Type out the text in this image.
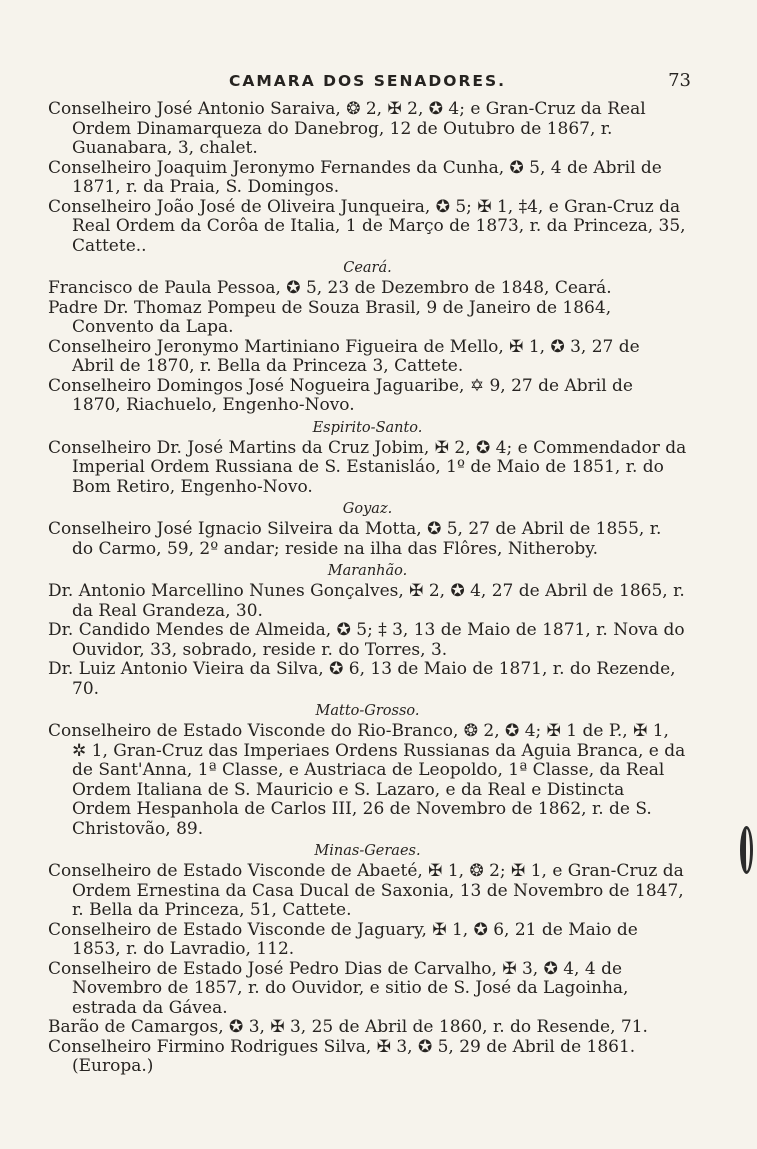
CAMARA DOS SENADORES.	73

Conselheiro José Antonio Saraiva, ❂ 2, ✠ 2, ✪ 4; e Gran-Cruz da Real Ordem Dinamarqueza do Danebrog, 12 de Outubro de 1867, r. Guanabara, 3, chalet.

Conselheiro Joaquim Jeronymo Fernandes da Cunha, ✪ 5, 4 de Abril de 1871, r. da Praia, S. Domingos.

Conselheiro João José de Oliveira Junqueira, ✪ 5; ✠ 1, ‡4, e Gran-Cruz da Real Ordem da Corôa de Italia, 1 de Março de 1873, r. da Princeza, 35, Cattete..

Ceará.

Francisco de Paula Pessoa, ✪ 5, 23 de Dezembro de 1848, Ceará.

Padre Dr. Thomaz Pompeu de Souza Brasil, 9 de Janeiro de 1864, Convento da Lapa.

Conselheiro Jeronymo Martiniano Figueira de Mello, ✠ 1, ✪ 3, 27 de Abril de 1870, r. Bella da Princeza 3, Cattete.

Conselheiro Domingos José Nogueira Jaguaribe, ✡ 9, 27 de Abril de 1870, Riachuelo, Engenho-Novo.

Espirito-Santo.

Conselheiro Dr. José Martins da Cruz Jobim, ✠ 2, ✪ 4; e Commendador da Imperial Ordem Russiana de S. Estanisláo, 1º de Maio de 1851, r. do Bom Retiro, Engenho-Novo.

Goyaz.

Conselheiro José Ignacio Silveira da Motta, ✪ 5, 27 de Abril de 1855, r. do Carmo, 59, 2º andar; reside na ilha das Flôres, Nitheroby.

Maranhão.

Dr. Antonio Marcellino Nunes Gonçalves, ✠ 2, ✪ 4, 27 de Abril de 1865, r. da Real Grandeza, 30.

Dr. Candido Mendes de Almeida, ✪ 5; ‡ 3, 13 de Maio de 1871, r. Nova do Ouvidor, 33, sobrado, reside r. do Torres, 3.

Dr. Luiz Antonio Vieira da Silva, ✪ 6, 13 de Maio de 1871, r. do Rezende, 70.

Matto-Grosso.

Conselheiro de Estado Visconde do Rio-Branco, ❂ 2, ✪ 4; ✠ 1 de P., ✠ 1, ✲ 1, Gran-Cruz das Imperiaes Ordens Russianas da Aguia Branca, e da de Sant'Anna, 1ª Classe, e Austriaca de Leopoldo, 1ª Classe, da Real Ordem Italiana de S. Mauricio e S. Lazaro, e da Real e Distincta Ordem Hespanhola de Carlos III, 26 de Novembro de 1862, r. de S. Christovão, 89.

Minas-Geraes.

Conselheiro de Estado Visconde de Abaeté, ✠ 1, ❂ 2; ✠ 1, e Gran-Cruz da Ordem Ernestina da Casa Ducal de Saxonia, 13 de Novembro de 1847, r. Bella da Princeza, 51, Cattete.

Conselheiro de Estado Visconde de Jaguary, ✠ 1, ✪ 6, 21 de Maio de 1853, r. do Lavradio, 112.

Conselheiro de Estado José Pedro Dias de Carvalho, ✠ 3, ✪ 4, 4 de Novembro de 1857, r. do Ouvidor, e sitio de S. José da Lagoinha, estrada da Gávea.

Barão de Camargos, ✪ 3, ✠ 3, 25 de Abril de 1860, r. do Resende, 71.

Conselheiro Firmino Rodrigues Silva, ✠ 3, ✪ 5, 29 de Abril de 1861. (Europa.)
